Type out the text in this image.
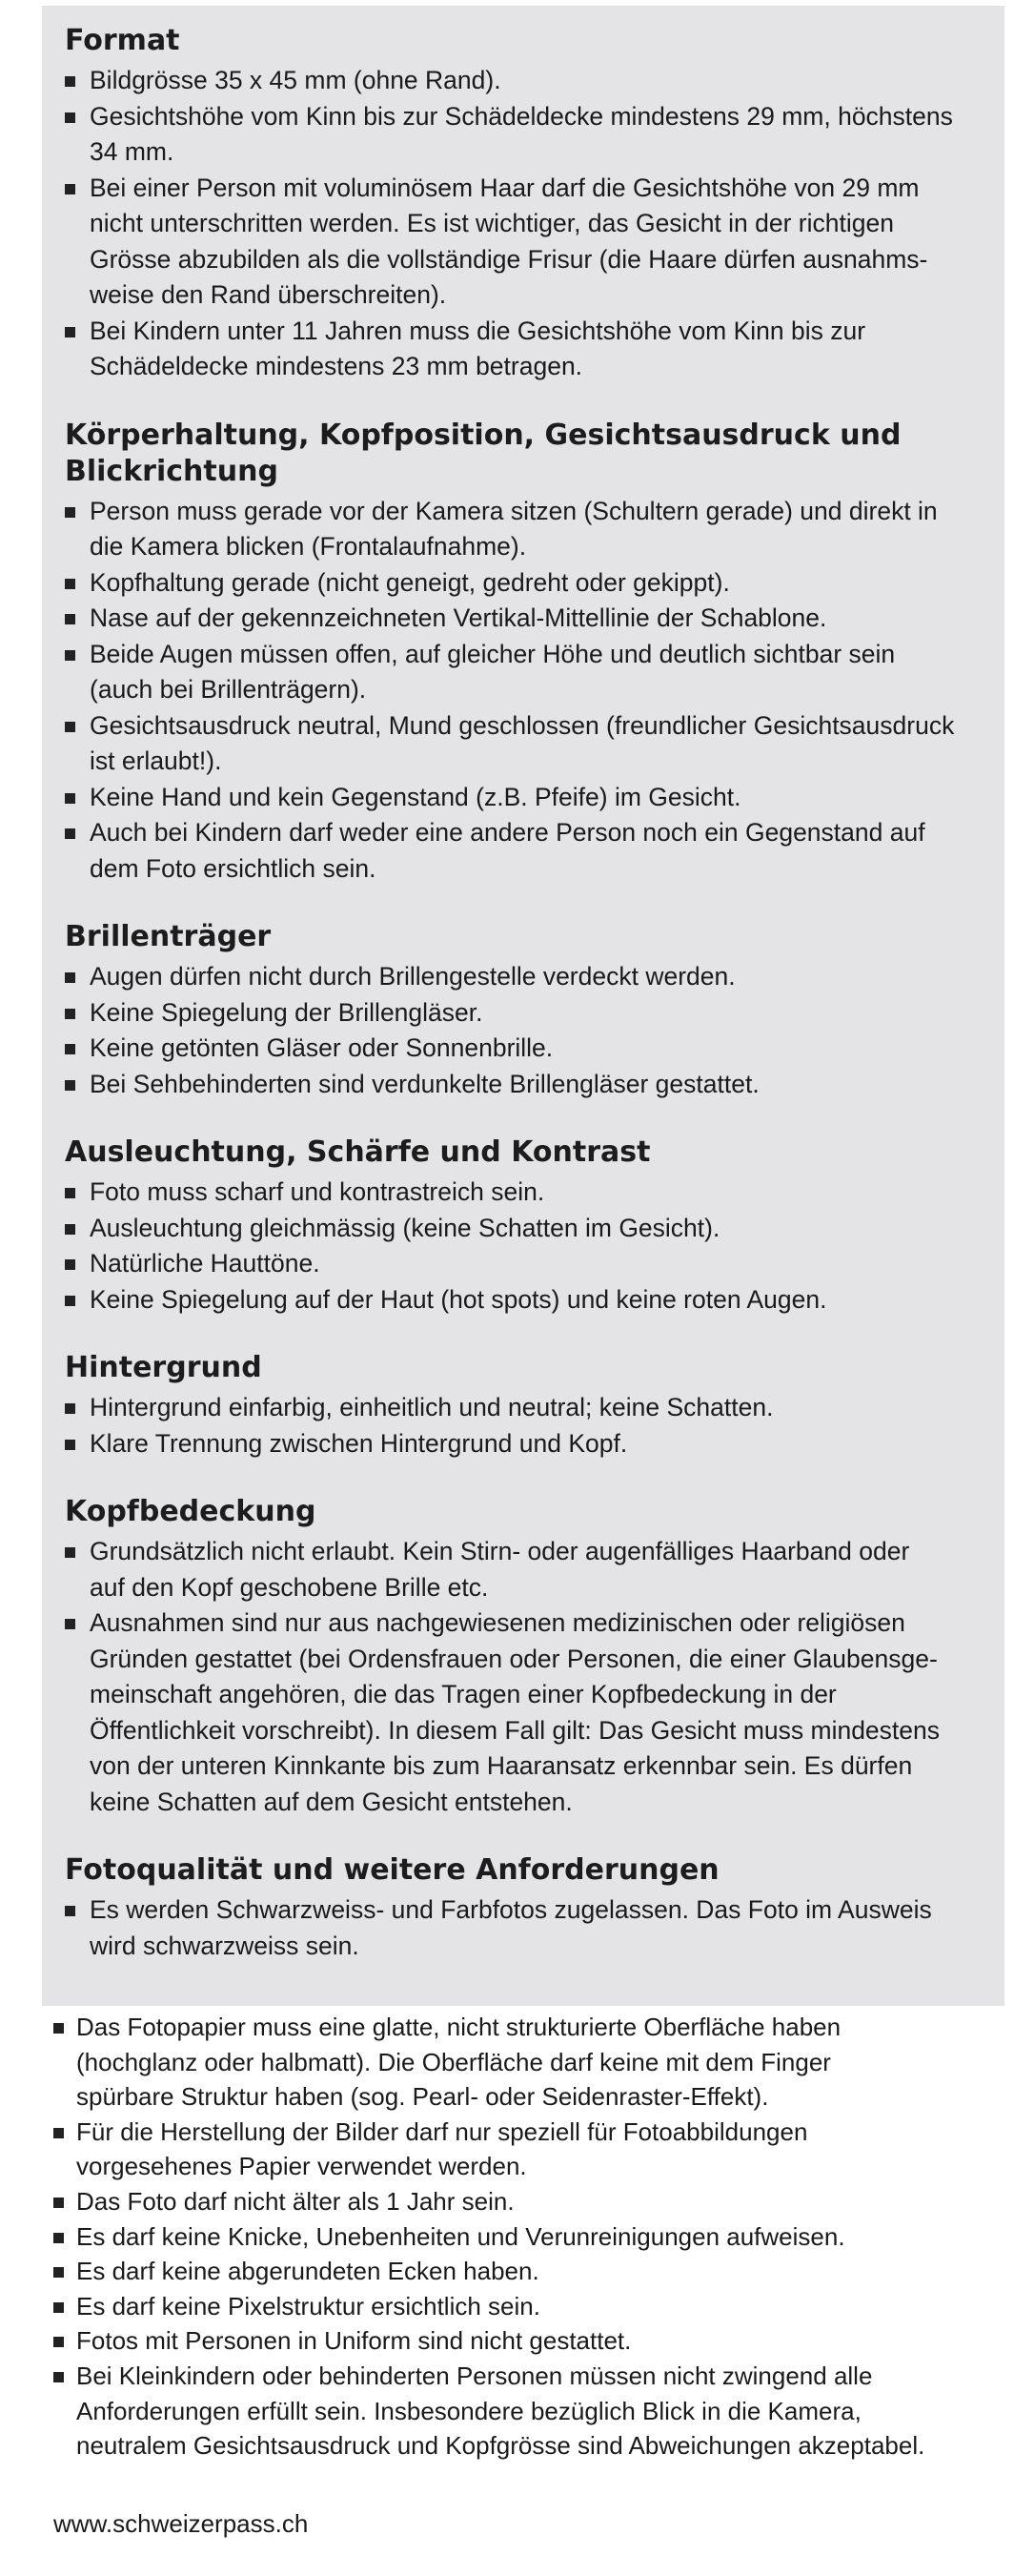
Format
Bildgrösse 35 x 45 mm (ohne Rand).
Gesichtshöhe vom Kinn bis zur Schädeldecke mindestens 29 mm, höchstens
34 mm.
Bei einer Person mit voluminösem Haar darf die Gesichtshöhe von 29 mm
nicht unterschritten werden. Es ist wichtiger, das Gesicht in der richtigen
Grösse abzubilden als die vollständige Frisur (die Haare dürfen ausnahms-
weise den Rand überschreiten).
Bei Kindern unter 11 Jahren muss die Gesichtshöhe vom Kinn bis zur
Schädeldecke mindestens 23 mm betragen.
Körperhaltung, Kopfposition, Gesichtsausdruck und Blickrichtung
Person muss gerade vor der Kamera sitzen (Schultern gerade) und direkt in
die Kamera blicken (Frontalaufnahme).
Kopfhaltung gerade (nicht geneigt, gedreht oder gekippt).
Nase auf der gekennzeichneten Vertikal-Mittellinie der Schablone.
Beide Augen müssen offen, auf gleicher Höhe und deutlich sichtbar sein
(auch bei Brillenträgern).
Gesichtsausdruck neutral, Mund geschlossen (freundlicher Gesichtsausdruck
ist erlaubt!).
Keine Hand und kein Gegenstand (z.B. Pfeife) im Gesicht.
Auch bei Kindern darf weder eine andere Person noch ein Gegenstand auf
dem Foto ersichtlich sein.
Brillenträger
Augen dürfen nicht durch Brillengestelle verdeckt werden.
Keine Spiegelung der Brillengläser.
Keine getönten Gläser oder Sonnenbrille.
Bei Sehbehinderten sind verdunkelte Brillengläser gestattet.
Ausleuchtung, Schärfe und Kontrast
Foto muss scharf und kontrastreich sein.
Ausleuchtung gleichmässig (keine Schatten im Gesicht).
Natürliche Hauttöne.
Keine Spiegelung auf der Haut (hot spots) und keine roten Augen.
Hintergrund
Hintergrund einfarbig, einheitlich und neutral; keine Schatten.
Klare Trennung zwischen Hintergrund und Kopf.
Kopfbedeckung
Grundsätzlich nicht erlaubt. Kein Stirn- oder augenfälliges Haarband oder
auf den Kopf geschobene Brille etc.
Ausnahmen sind nur aus nachgewiesenen medizinischen oder religiösen
Gründen gestattet (bei Ordensfrauen oder Personen, die einer Glaubensge-
meinschaft angehören, die das Tragen einer Kopfbedeckung in der
Öffentlichkeit vorschreibt). In diesem Fall gilt: Das Gesicht muss mindestens
von der unteren Kinnkante bis zum Haaransatz erkennbar sein. Es dürfen
keine Schatten auf dem Gesicht entstehen.
Fotoqualität und weitere Anforderungen
Es werden Schwarzweiss- und Farbfotos zugelassen. Das Foto im Ausweis
wird schwarzweiss sein.
Das Fotopapier muss eine glatte, nicht strukturierte Oberfläche haben
(hochglanz oder halbmatt). Die Oberfläche darf keine mit dem Finger
spürbare Struktur haben (sog. Pearl- oder Seidenraster-Effekt).
Für die Herstellung der Bilder darf nur speziell für Fotoabbildungen
vorgesehenes Papier verwendet werden.
Das Foto darf nicht älter als 1 Jahr sein.
Es darf keine Knicke, Unebenheiten und Verunreinigungen aufweisen.
Es darf keine abgerundeten Ecken haben.
Es darf keine Pixelstruktur ersichtlich sein.
Fotos mit Personen in Uniform sind nicht gestattet.
Bei Kleinkindern oder behinderten Personen müssen nicht zwingend alle
Anforderungen erfüllt sein. Insbesondere bezüglich Blick in die Kamera,
neutralem Gesichtsausdruck und Kopfgrösse sind Abweichungen akzeptabel.
www.schweizerpass.ch
